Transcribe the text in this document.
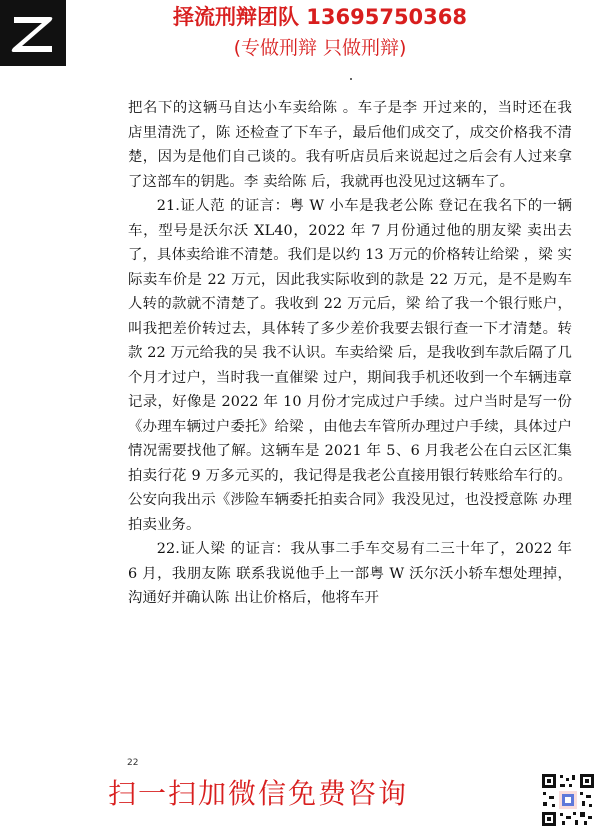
择流刑辩团队 13695750368
(专做刑辩 只做刑辩)

把名下的这辆马自达小车卖给陈 。车子是李 开过来的，当时还在我店里清洗了，陈 还检查了下车子，最后他们成交了，成交价格我不清楚，因为是他们自己谈的。我有听店员后来说起过之后会有人过来拿了这部车的钥匙。李 卖给陈 后，我就再也没见过这辆车了。

21.证人范 的证言：粤 W 小车是我老公陈 登记在我名下的一辆车，型号是沃尔沃 XL40，2022 年 7 月份通过他的朋友梁 卖出去了，具体卖给谁不清楚。我们是以约 13 万元的价格转让给梁 ，梁 实际卖车价是 22 万元，因此我实际收到的款是 22 万元，是不是购车人转的款就不清楚了。我收到 22 万元后，梁 给了我一个银行账户，叫我把差价转过去，具体转了多少差价我要去银行查一下才清楚。转款 22 万元给我的吴 我不认识。车卖给梁 后，是我收到车款后隔了几个月才过户，当时我一直催梁 过户，期间我手机还收到一个车辆违章记录，好像是 2022 年 10 月份才完成过户手续。过户当时是写一份《办理车辆过户委托》给梁 ，由他去车管所办理过户手续，具体过户情况需要找他了解。这辆车是 2021 年 5、6 月我老公在白云区汇集拍卖行花 9 万多元买的，我记得是我老公直接用银行转账给车行的。公安向我出示《涉险车辆委托拍卖合同》我没见过，也没授意陈 办理拍卖业务。

22.证人梁 的证言：我从事二手车交易有二三十年了，2022 年 6 月，我朋友陈 联系我说他手上一部粤 W 沃尔沃小轿车想处理掉，沟通好并确认陈 出让价格后，他将车开

22
扫一扫加微信免费咨询
